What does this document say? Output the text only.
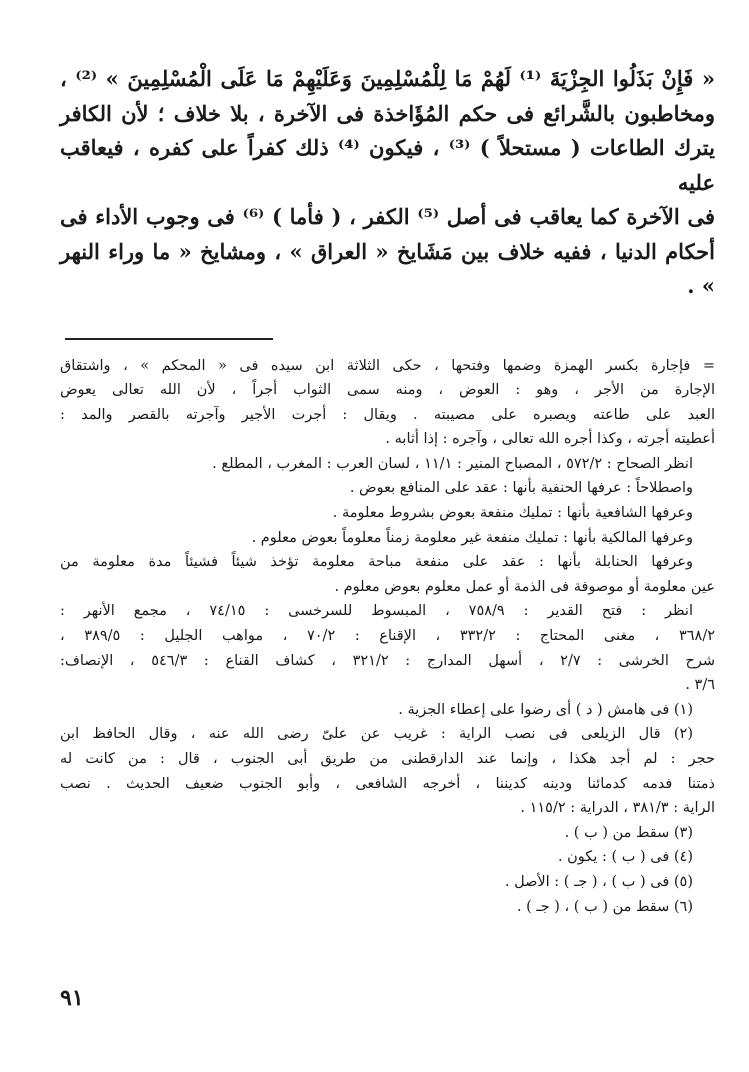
« فَإِنْ بَذَلُوا الجِزْيَةَ ⁽¹⁾ لَهُمْ مَا لِلْمُسْلِمِينَ وَعَلَيْهِمْ مَا عَلَى الْمُسْلِمِينَ » ⁽²⁾ ،

ومخاطبون بالشَّرائع فى حكم المُؤَاخذة فى الآخرة ، بلا خلاف ؛ لأن الكافر

يترك الطاعات ( مستحلاً ) ⁽³⁾ ، فيكون ⁽⁴⁾ ذلك كفراً على كفره ، فيعاقب عليه

فى الآخرة كما يعاقب فى أصل ⁽⁵⁾ الكفر ، ( فأما ) ⁽⁶⁾ فى وجوب الأداء فى

أحكام الدنيا ، ففيه خلاف بين مَشَايخ « العراق » ، ومشايخ « ما وراء النهر » .

= فإجارة بكسر الهمزة وضمها وفتحها ، حكى الثلاثة ابن سيده فى « المحكم » ، واشتقاق

الإجارة من الأجر ، وهو : العوض ، ومنه سمى الثواب أجراً ، لأن الله تعالى يعوض

العبد على طاعته ويصبره على مصيبته . ويقال : أجرت الأجير وآجرته بالقصر والمد :

أعطيته أجرته ، وكذا أجره الله تعالى ، وآجره : إذا أثابه .

انظر الصحاح : ٥٧٢/٢ ، المصباح المنير : ١١/١ ، لسان العرب : المغرب ، المطلع .

واصطلاحاً : عرفها الحنفية بأنها : عقد على المنافع بعوض .

وعرفها الشافعية بأنها : تمليك منفعة بعوض بشروط معلومة .

وعرفها المالكية بأنها : تمليك منفعة غير معلومة زمناً معلوماً بعوض معلوم .

وعرفها الحنابلة بأنها : عقد على منفعة مباحة معلومة تؤخذ شيئاً فشيئاً مدة معلومة من

عين معلومة أو موصوفة فى الذمة أو عمل معلوم بعوض معلوم .

انظر : فتح القدير : ٧٥٨/٩ ، المبسوط للسرخسى : ٧٤/١٥ ، مجمع الأنهر :

٣٦٨/٢ ، مغنى المحتاج : ٣٣٢/٢ ، الإقناع : ٧٠/٢ ، مواهب الجليل : ٣٨٩/٥ ،

شرح الخرشى : ٢/٧ ، أسهل المدارج : ٣٢١/٢ ، كشاف القناع : ٥٤٦/٣ ، الإنصاف:

٣/٦ .

(١) فى هامش ( د ) أى رضوا على إعطاء الجزية .

(٢) قال الزيلعى فى نصب الراية : غريب عن علىّ رضى الله عنه ، وقال الحافظ ابن

حجر : لم أجد هكذا ، وإنما عند الدارقطنى من طريق أبى الجنوب ، قال : من كانت له

ذمتنا فدمه كدمائنا ودينه كديننا ، أخرجه الشافعى ، وأبو الجنوب ضعيف الحديث . نصب

الراية : ٣٨١/٣ ، الدراية : ١١٥/٢ .

(٣) سقط من ( ب ) .

(٤) فى ( ب ) : يكون .

(٥) فى ( ب ) ، ( جـ ) : الأصل .

(٦) سقط من ( ب ) ، ( جـ ) .

٩١
